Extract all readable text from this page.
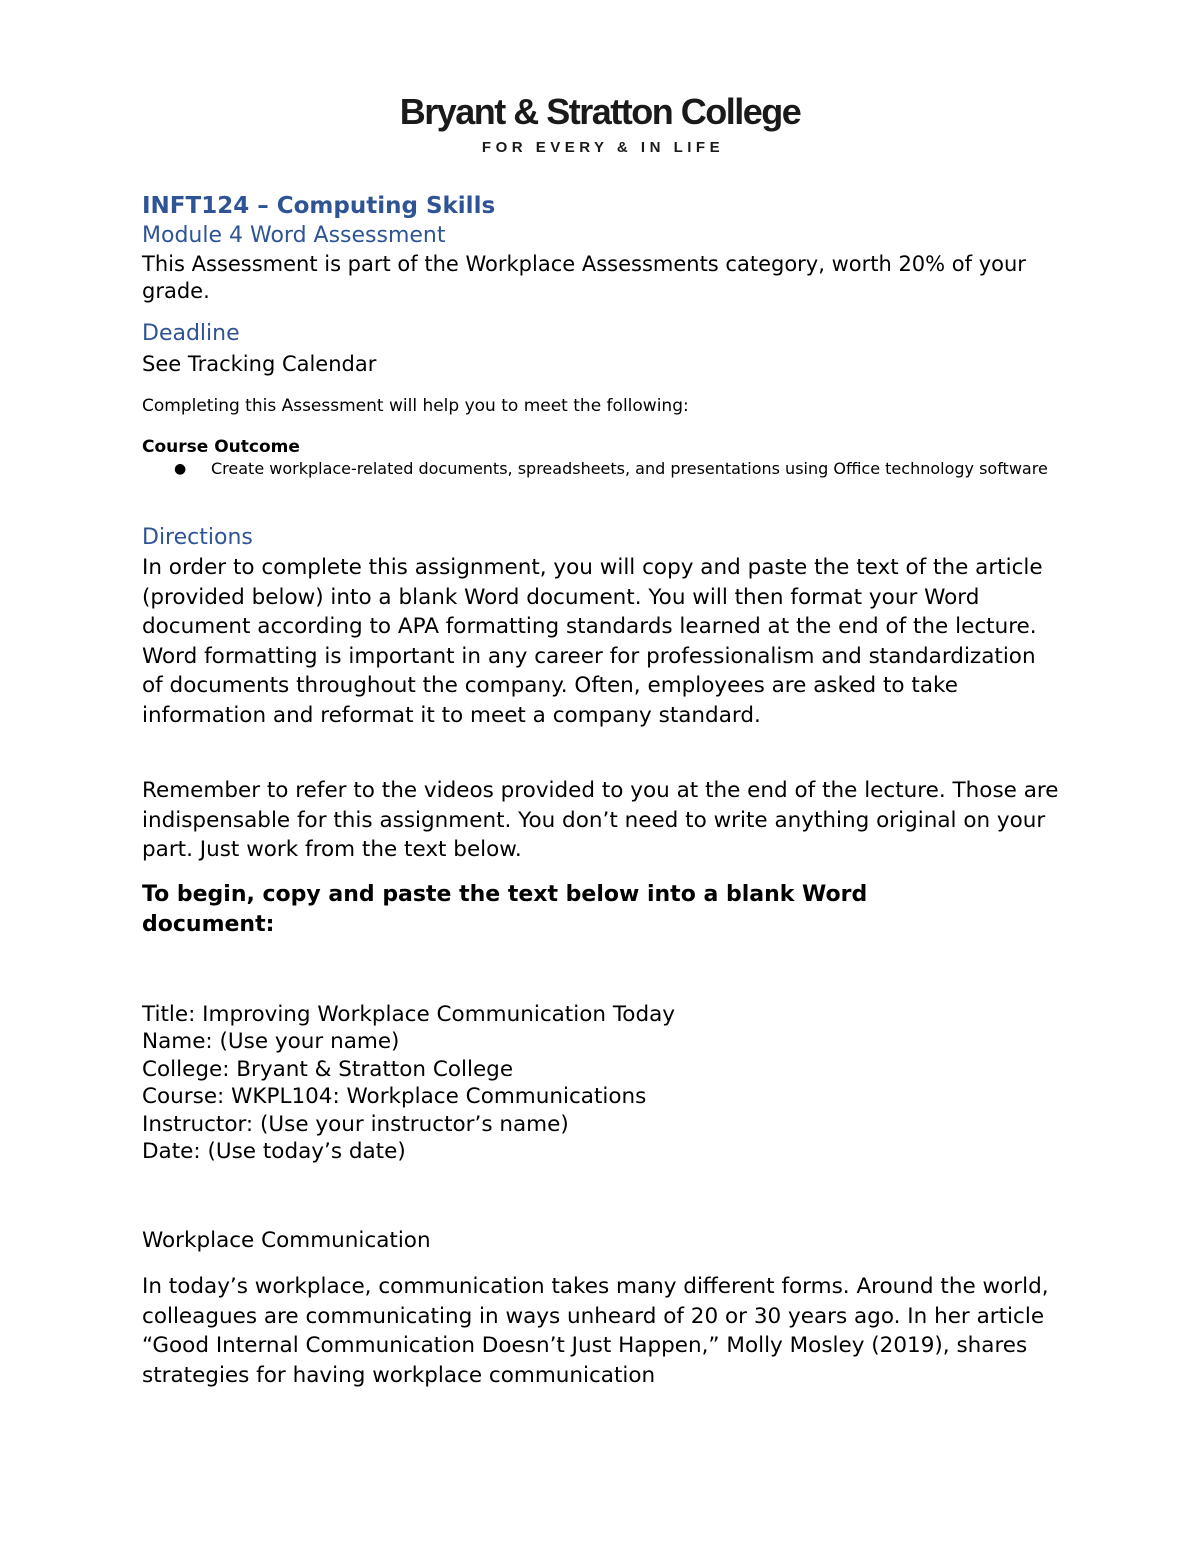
Bryant & Stratton College
FOR EVERY & IN LIFE
INFT124 – Computing Skills
Module 4 Word Assessment
This Assessment is part of the Workplace Assessments category, worth 20% of your grade.
Deadline
See Tracking Calendar
Completing this Assessment will help you to meet the following:
Course Outcome
● Create workplace-related documents, spreadsheets, and presentations using Office technology software
Directions
In order to complete this assignment, you will copy and paste the text of the article (provided below) into a blank Word document. You will then format your Word document according to APA formatting standards learned at the end of the lecture. Word formatting is important in any career for professionalism and standardization of documents throughout the company. Often, employees are asked to take information and reformat it to meet a company standard.
Remember to refer to the videos provided to you at the end of the lecture. Those are indispensable for this assignment. You don’t need to write anything original on your part. Just work from the text below.
To begin, copy and paste the text below into a blank Word document:
Title: Improving Workplace Communication Today
Name: (Use your name)
College: Bryant & Stratton College
Course: WKPL104: Workplace Communications
Instructor: (Use your instructor’s name)
Date: (Use today’s date)
Workplace Communication
In today’s workplace, communication takes many different forms. Around the world, colleagues are communicating in ways unheard of 20 or 30 years ago. In her article “Good Internal Communication Doesn’t Just Happen,” Molly Mosley (2019), shares strategies for having workplace communication
